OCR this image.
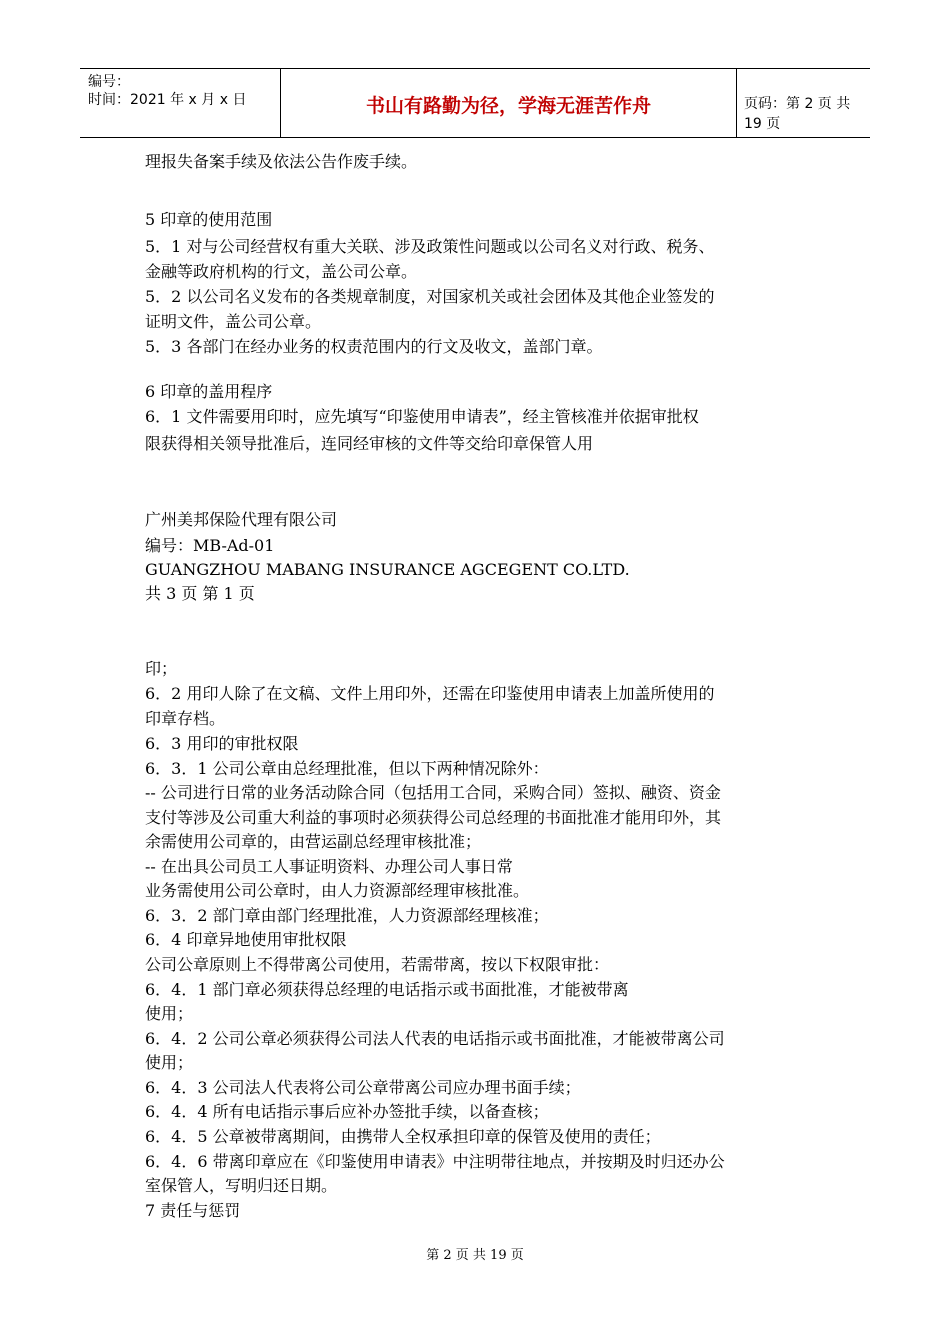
编号：
时间：2021 年 x 月 x 日	书山有路勤为径，学海无涯苦作舟	页码：第 2 页 共 19 页
理报失备案手续及依法公告作废手续。
5 印章的使用范围
5．1 对与公司经营权有重大关联、涉及政策性问题或以公司名义对行政、税务、
金融等政府机构的行文，盖公司公章。
5．2 以公司名义发布的各类规章制度，对国家机关或社会团体及其他企业签发的
证明文件，盖公司公章。
5．3 各部门在经办业务的权责范围内的行文及收文，盖部门章。
6 印章的盖用程序
6．1 文件需要用印时，应先填写“印鉴使用申请表”，经主管核准并依据审批权
限获得相关领导批准后，连同经审核的文件等交给印章保管人用
广州美邦保险代理有限公司
编号：MB-Ad-01
GUANGZHOU MABANG INSURANCE AGCEGENT CO.LTD.
共 3 页 第 1 页
印；
6．2 用印人除了在文稿、文件上用印外，还需在印鉴使用申请表上加盖所使用的
印章存档。
6．3 用印的审批权限
6．3．1 公司公章由总经理批准，但以下两种情况除外：
-- 公司进行日常的业务活动除合同（包括用工合同，采购合同）签拟、融资、资金
支付等涉及公司重大利益的事项时必须获得公司总经理的书面批准才能用印外，其
余需使用公司章的，由营运副总经理审核批准；
-- 在出具公司员工人事证明资料、办理公司人事日常
业务需使用公司公章时，由人力资源部经理审核批准。
6．3．2 部门章由部门经理批准，人力资源部经理核准；
6．4 印章异地使用审批权限
公司公章原则上不得带离公司使用，若需带离，按以下权限审批：
6．4．1 部门章必须获得总经理的电话指示或书面批准，才能被带离
使用；
6．4．2 公司公章必须获得公司法人代表的电话指示或书面批准，才能被带离公司
使用；
6．4．3 公司法人代表将公司公章带离公司应办理书面手续；
6．4．4 所有电话指示事后应补办签批手续，以备查核；
6．4．5 公章被带离期间，由携带人全权承担印章的保管及使用的责任；
6．4．6 带离印章应在《印鉴使用申请表》中注明带往地点，并按期及时归还办公
室保管人，写明归还日期。
7 责任与惩罚
第 2 页 共 19 页
